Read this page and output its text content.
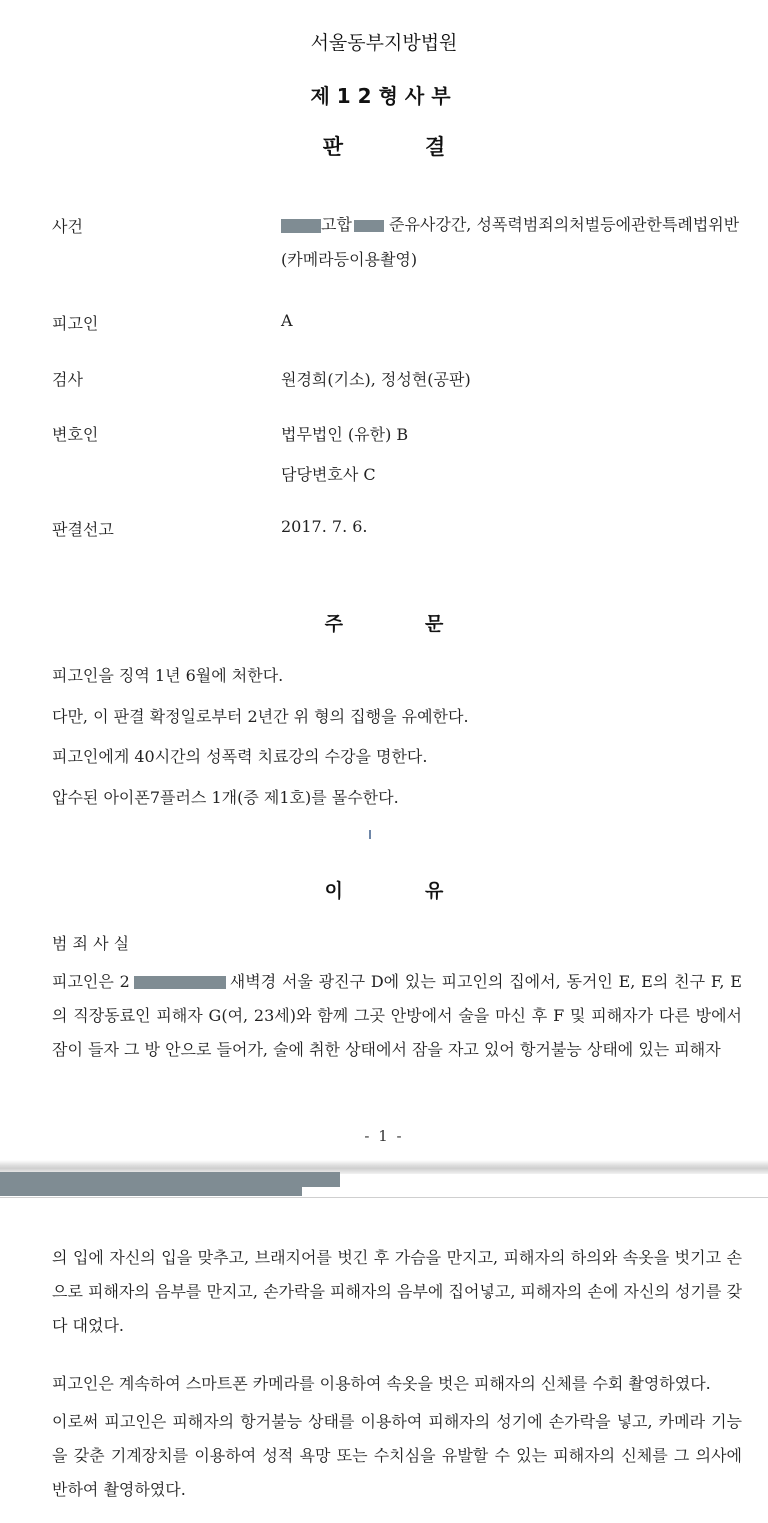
서울동부지방법원
제12형사부
판	결
사건	고합 준유사강간, 성폭력범죄의처벌등에관한특례법위반(카메라등이용촬영)
피고인	A
검사	원경희(기소), 정성현(공판)
변호인	법무법인 (유한) B
담당변호사 C
판결선고	2017. 7. 6.
주	문
피고인을 징역 1년 6월에 처한다.
다만, 이 판결 확정일로부터 2년간 위 형의 집행을 유예한다.
피고인에게 40시간의 성폭력 치료강의 수강을 명한다.
압수된 아이폰7플러스 1개(증 제1호)를 몰수한다.
이	유
범 죄 사 실
피고인은 2	새벽경 서울 광진구 D에 있는 피고인의 집에서, 동거인 E, E의 친구 F, E의 직장동료인 피해자 G(여, 23세)와 함께 그곳 안방에서 술을 마신 후 F 및 피해자가 다른 방에서 잠이 들자 그 방 안으로 들어가, 술에 취한 상태에서 잠을 자고 있어 항거불능 상태에 있는 피해자
- 1 -
의 입에 자신의 입을 맞추고, 브래지어를 벗긴 후 가슴을 만지고, 피해자의 하의와 속옷을 벗기고 손으로 피해자의 음부를 만지고, 손가락을 피해자의 음부에 집어넣고, 피해자의 손에 자신의 성기를 갖다 대었다.
피고인은 계속하여 스마트폰 카메라를 이용하여 속옷을 벗은 피해자의 신체를 수회 촬영하였다.
이로써 피고인은 피해자의 항거불능 상태를 이용하여 피해자의 성기에 손가락을 넣고, 카메라 기능을 갖춘 기계장치를 이용하여 성적 욕망 또는 수치심을 유발할 수 있는 피해자의 신체를 그 의사에 반하여 촬영하였다.
